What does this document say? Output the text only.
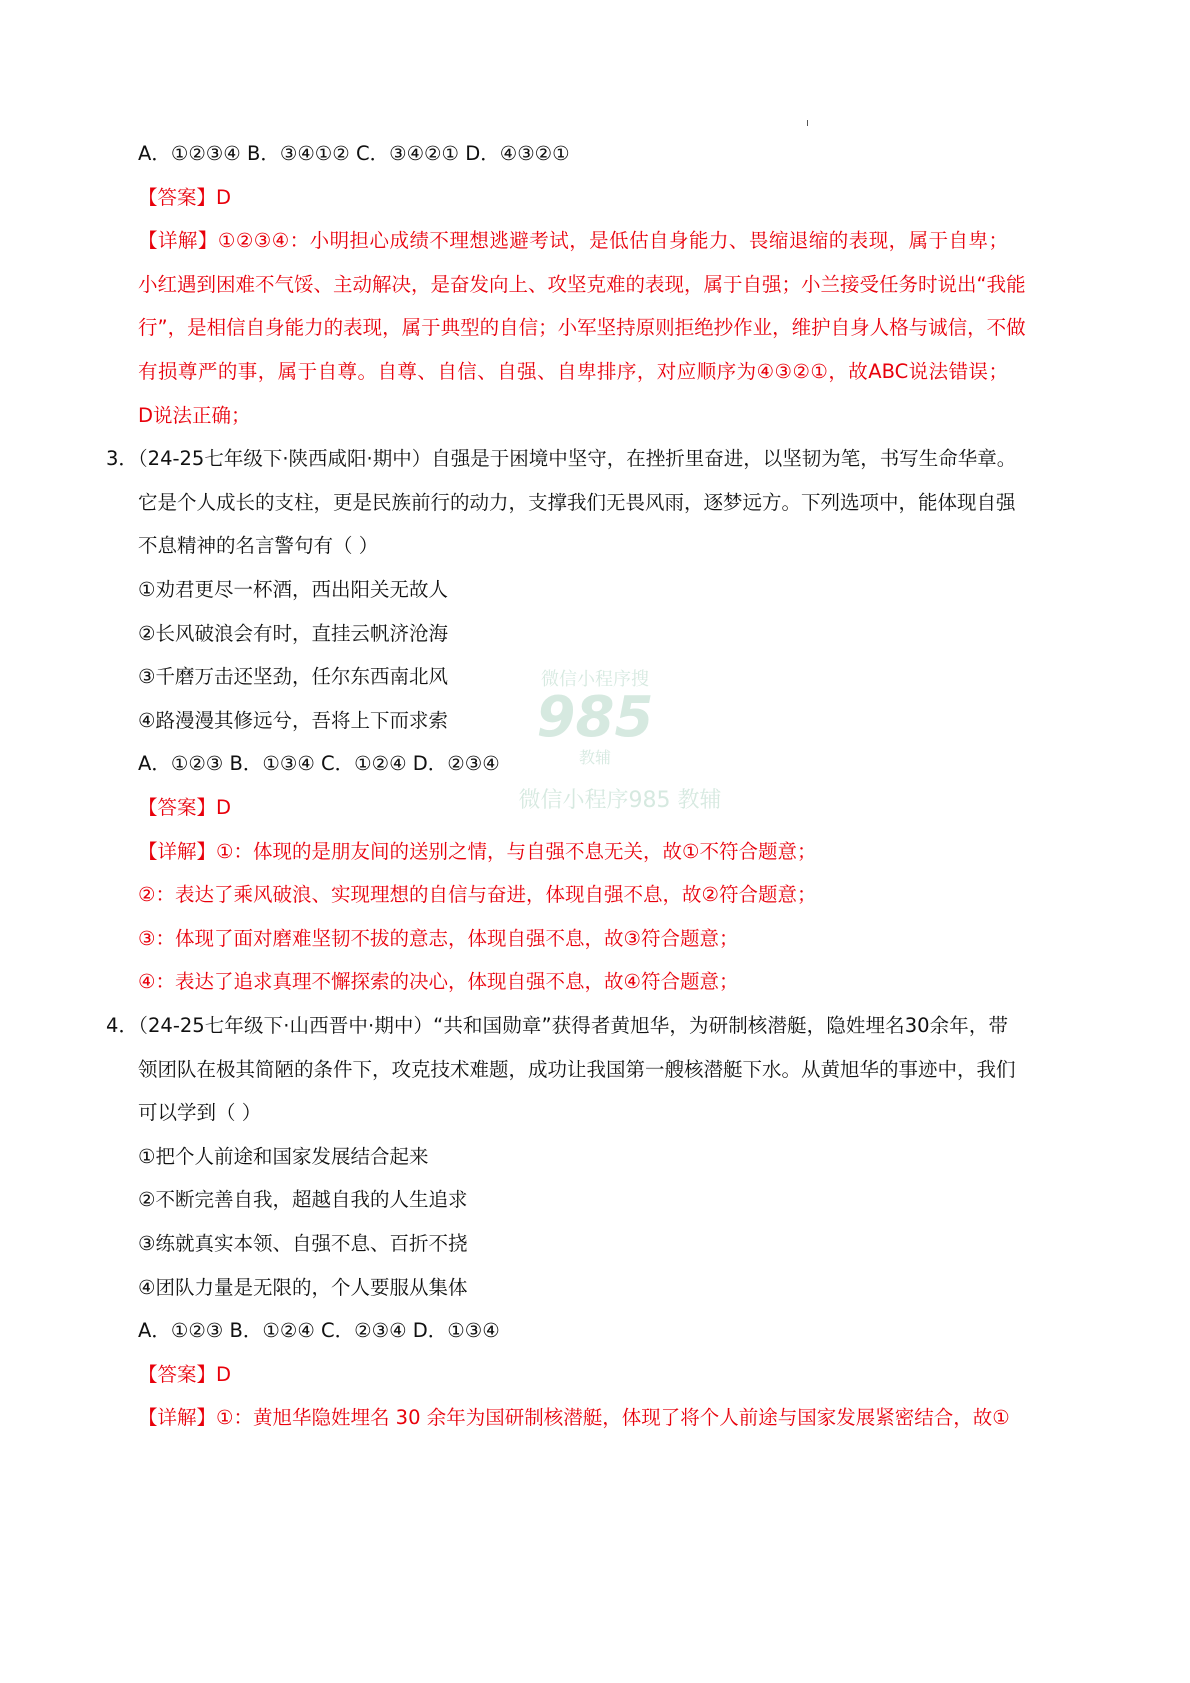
微信小程序搜
985
教辅
微信小程序985 教辅
A．①②③④ B．③④①② C．③④②① D．④③②①
【答案】D
【详解】①②③④：小明担心成绩不理想逃避考试，是低估自身能力、畏缩退缩的表现，属于自卑；
小红遇到困难不气馁、主动解决，是奋发向上、攻坚克难的表现，属于自强；小兰接受任务时说出“我能
行”，是相信自身能力的表现，属于典型的自信；小军坚持原则拒绝抄作业，维护自身人格与诚信，不做
有损尊严的事，属于自尊。自尊、自信、自强、自卑排序，对应顺序为④③②①，故ABC说法错误；
D说法正确；
3．（24-25七年级下·陕西咸阳·期中）自强是于困境中坚守，在挫折里奋进，以坚韧为笔，书写生命华章。
它是个人成长的支柱，更是民族前行的动力，支撑我们无畏风雨，逐梦远方。下列选项中，能体现自强
不息精神的名言警句有（ ）
①劝君更尽一杯酒，西出阳关无故人
②长风破浪会有时，直挂云帆济沧海
③千磨万击还坚劲，任尔东西南北风
④路漫漫其修远兮，吾将上下而求索
A．①②③ B．①③④ C．①②④ D．②③④
【答案】D
【详解】①：体现的是朋友间的送别之情，与自强不息无关，故①不符合题意；
②：表达了乘风破浪、实现理想的自信与奋进，体现自强不息，故②符合题意；
③：体现了面对磨难坚韧不拔的意志，体现自强不息，故③符合题意；
④：表达了追求真理不懈探索的决心，体现自强不息，故④符合题意；
4．（24-25七年级下·山西晋中·期中）“共和国勋章”获得者黄旭华，为研制核潜艇，隐姓埋名30余年，带
领团队在极其简陋的条件下，攻克技术难题，成功让我国第一艘核潜艇下水。从黄旭华的事迹中，我们
可以学到（ ）
①把个人前途和国家发展结合起来
②不断完善自我，超越自我的人生追求
③练就真实本领、自强不息、百折不挠
④团队力量是无限的，个人要服从集体
A．①②③ B．①②④ C．②③④ D．①③④
【答案】D
【详解】①：黄旭华隐姓埋名 30 余年为国研制核潜艇，体现了将个人前途与国家发展紧密结合，故①
